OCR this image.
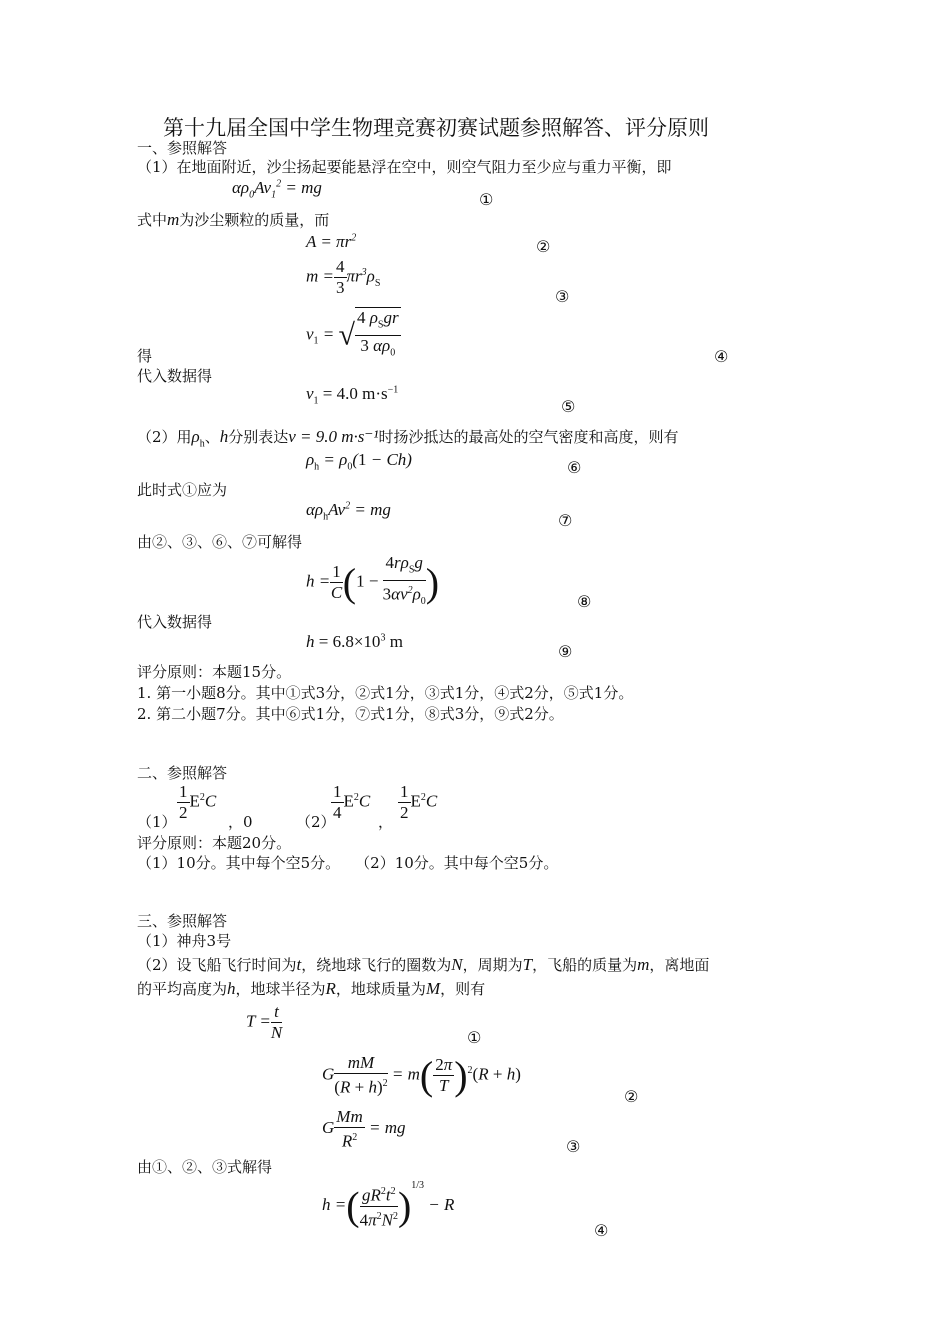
第十九届全国中学生物理竞赛初赛试题参照解答、评分原则
一、参照解答
（1）在地面附近，沙尘扬起要能悬浮在空中，则空气阻力至少应与重力平衡，即
$\alpha\rho_0Av_1^2$ = mg
①
式中m为沙尘颗粒的质量，而
$A = \pi r^2$	②
$m = \frac{4}{3} \pi r^3\rho_S$
③
$v_1$ = √ $\frac{4 \rho_Sgr}{3 \alpha\rho_0}$
得	④
代入数据得
$v_1 = 4.0$ $m\cdot s^{-1}$
⑤
（2）用$\rho_h$、h分别表达v = 9.0 m·s⁻¹时扬沙抵达的最高处的空气密度和高度，则有
$\rho_h = \rho_0(1 - Ch)$	⑥
此时式①应为
$\alpha\rho_hAv^2$ = mg
⑦
由②、③、⑥、⑦可解得
$h = \frac{1}{C} (1 - \frac{4r\rho_Sg}{3\alpha v^2\rho_0}$ )	⑧
代入数据得
$h = 6.8\times 10^3$ m
⑨
评分原则：本题15分。
1. 第一小题8分。其中①式3分，②式1分，③式1分，④式2分，⑤式1分。
2. 第二小题7分。其中⑥式1分，⑦式1分，⑧式3分，⑨式2分。
二、参照解答
$(1) \frac{1}{2} E^2C$
，0	（2）
$\frac{1}{4} E^2C$
， $\frac{1}{2} E^2C$
评分原则：本题20分。
（1）10分。其中每个空5分。　　（2）10分。其中每个空5分。
三、参照解答
（1）神舟3号
（2）设飞船飞行时间为t，绕地球飞行的圈数为N，周期为T，飞船的质量为m，离地面
的平均高度为h，地球半径为R，地球质量为M，则有
$T = \frac{t}{N}$	①
G $\frac{mM}{(R + h)^2} = m( \frac{2\pi}{T} )^2(R + h)$
②
G $\frac{Mm}{R^2}$ = mg
③
由①、②、③式解得
h =( $\frac{gR^2t^2}{4\pi^2N^2} )^{1/3} - R$
④
